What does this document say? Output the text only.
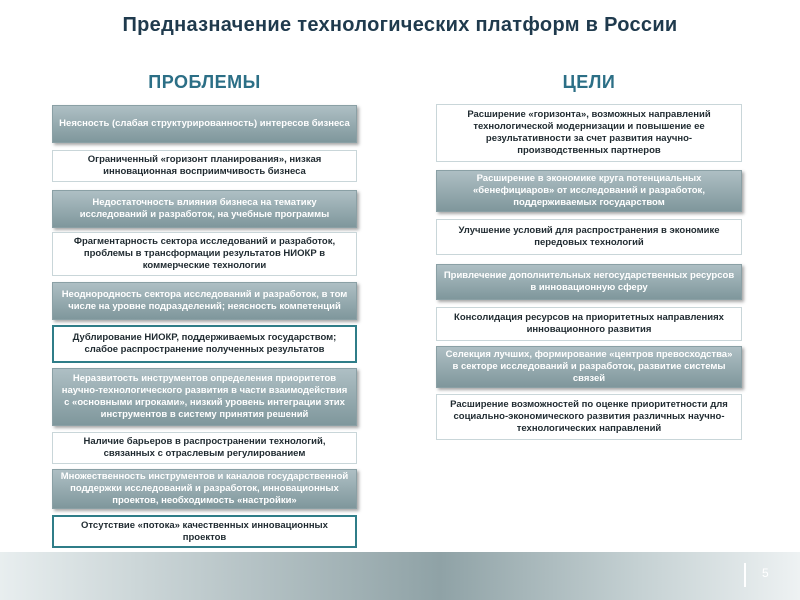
Предназначение технологических платформ в России
ПРОБЛЕМЫ	ЦЕЛИ
Неясность (слабая структурированность) интересов бизнеса
Ограниченный «горизонт планирования», низкая инновационная восприимчивость бизнеса
Недостаточность влияния бизнеса на тематику исследований и разработок, на учебные программы
Фрагментарность сектора исследований и разработок, проблемы в трансформации результатов НИОКР в коммерческие технологии
Неоднородность сектора исследований и разработок, в том числе на уровне подразделений; неясность компетенций
Дублирование НИОКР, поддерживаемых государством; слабое распространение полученных результатов
Неразвитость инструментов определения приоритетов научно-технологического развития в части взаимодействия с «основными игроками», низкий уровень интеграции этих инструментов в систему принятия решений
Наличие барьеров в распространении технологий, связанных с отраслевым регулированием
Множественность инструментов и каналов государственной поддержки исследований и разработок, инновационных проектов, необходимость «настройки»
Отсутствие «потока» качественных инновационных проектов
Расширение «горизонта», возможных направлений технологической модернизации и повышение ее результативности за счет развития научно-производственных партнеров
Расширение в экономике круга потенциальных «бенефициаров» от исследований и разработок, поддерживаемых государством
Улучшение условий для распространения в экономике передовых технологий
Привлечение дополнительных негосударственных ресурсов в инновационную сферу
Консолидация ресурсов на приоритетных направлениях инновационного развития
Селекция лучших, формирование «центров превосходства» в секторе исследований и разработок, развитие системы связей
Расширение возможностей по оценке приоритетности для социально-экономического развития различных научно-технологических направлений
5
